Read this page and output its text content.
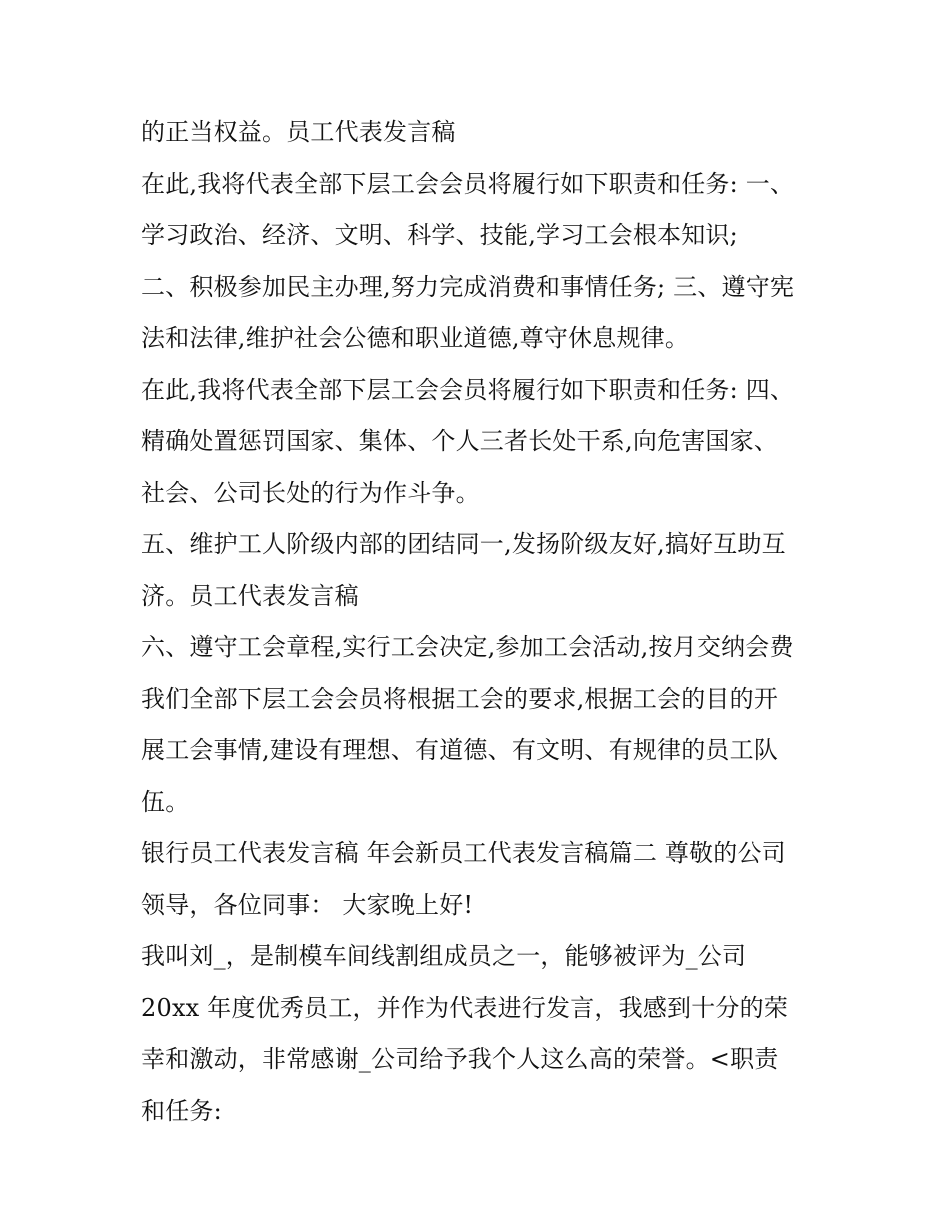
的正当权益。员工代表发言稿
在此,我将代表全部下层工会会员将履行如下职责和任务: 一、
学习政治、经济、文明、科学、技能,学习工会根本知识;
二、积极参加民主办理,努力完成消费和事情任务; 三、遵守宪
法和法律,维护社会公德和职业道德,尊守休息规律。
在此,我将代表全部下层工会会员将履行如下职责和任务: 四、
精确处置惩罚国家、集体、个人三者长处干系,向危害国家、
社会、公司长处的行为作斗争。
五、维护工人阶级内部的团结同一,发扬阶级友好,搞好互助互
济。员工代表发言稿
六、遵守工会章程,实行工会决定,参加工会活动,按月交纳会费
我们全部下层工会会员将根据工会的要求,根据工会的目的开
展工会事情,建设有理想、有道德、有文明、有规律的员工队
伍。
银行员工代表发言稿 年会新员工代表发言稿篇二 尊敬的公司
领导，各位同事： 大家晚上好!
我叫刘_，是制模车间线割组成员之一，能够被评为_公司
20xx 年度优秀员工，并作为代表进行发言，我感到十分的荣
幸和激动，非常感谢_公司给予我个人这么高的荣誉。<职责
和任务:
